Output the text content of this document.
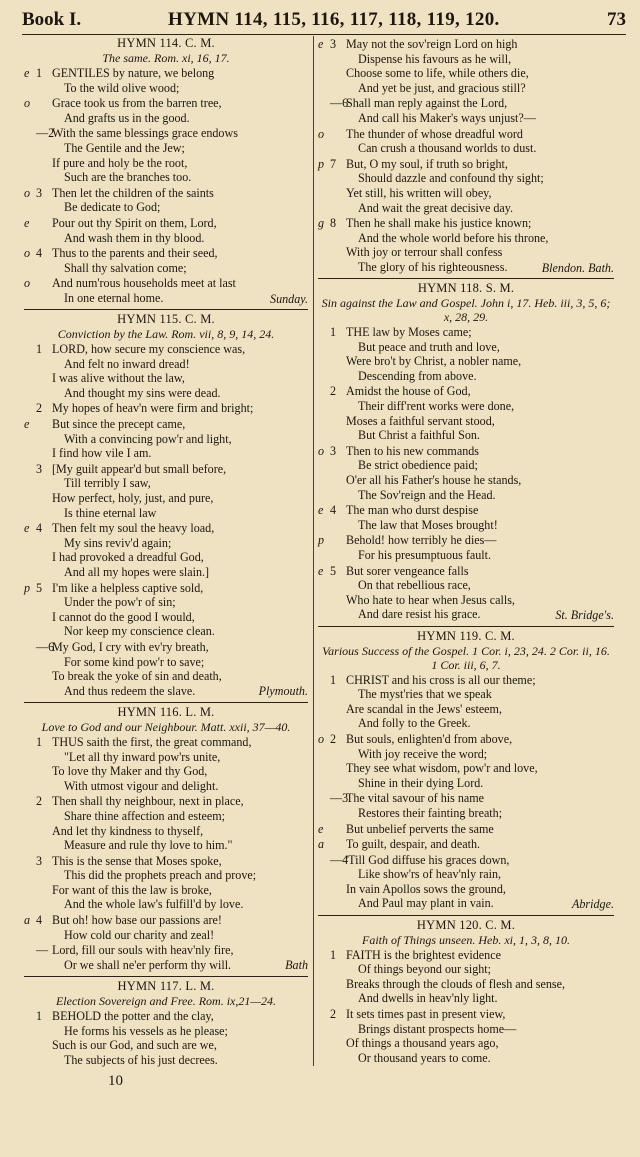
Book I.	HYMN 114, 115, 116, 117, 118, 119, 120.	73
HYMN 114. C. M.
The same. Rom. xi, 16, 17.
e 1 GENTILES by nature, we belong
To the wild olive wood;
o	Grace took us from the barren tree,
And grafts us in the good.
—2
With the same blessings grace endows
The Gentile and the Jew;
If pure and holy be the root,
Such are the branches too.
o 3 Then let the children of the saints
Be dedicate to God;
e	Pour out thy Spirit on them, Lord,
And wash them in thy blood.
o 4 Thus to the parents and their seed,
Shall thy salvation come;
o	And num'rous households meet at last
In one eternal home.	Sunday.
HYMN 115. C. M.
Conviction by the Law. Rom. vii, 8, 9, 14, 24.
1 LORD, how secure my conscience was,
And felt no inward dread!
I was alive without the law,
And thought my sins were dead.
2 My hopes of heav'n were firm and bright;
e	But since the precept came,
With a convincing pow'r and light,
I find how vile I am.
3 [My guilt appear'd but small before,
Till terribly I saw,
How perfect, holy, just, and pure,
Is thine eternal law
e 4 Then felt my soul the heavy load,
My sins reviv'd again;
I had provoked a dreadful God,
And all my hopes were slain.]
p 5 I'm like a helpless captive sold,
Under the pow'r of sin;
I cannot do the good I would,
Nor keep my conscience clean.
—6
My God, I cry with ev'ry breath,
For some kind pow'r to save;
To break the yoke of sin and death,
And thus redeem the slave.	Plymouth.
HYMN 116. L. M.
Love to God and our Neighbour. Matt. xxii, 37—40.
1 THUS saith the first, the great command,
"Let all thy inward pow'rs unite,
To love thy Maker and thy God,
With utmost vigour and delight.
2 Then shall thy neighbour, next in place,
Share thine affection and esteem;
And let thy kindness to thyself,
Measure and rule thy love to him."
3 This is the sense that Moses spoke,
This did the prophets preach and prove;
For want of this the law is broke,
And the whole law's fulfill'd by love.
a 4 But oh! how base our passions are!
How cold our charity and zeal!
— Lord, fill our souls with heav'nly fire,
Or we shall ne'er perform thy will.	Bath
HYMN 117. L. M.
Election Sovereign and Free. Rom. ix,21—24.
1 BEHOLD the potter and the clay,
He forms his vessels as he please;
Such is our God, and such are we,
The subjects of his just decrees.
e 3 May not the sov'reign Lord on high
Dispense his favours as he will,
Choose some to life, while others die,
And yet be just, and gracious still?
—6
Shall man reply against the Lord,
And call his Maker's ways unjust?—
o	The thunder of whose dreadful word
Can crush a thousand worlds to dust.
p 7 But, O my soul, if truth so bright,
Should dazzle and confound thy sight;
Yet still, his written will obey,
And wait the great decisive day.
g 8 Then he shall make his justice known;
And the whole world before his throne,
With joy or terrour shall confess
The glory of his righteousness.	Blendon. Bath.
HYMN 118. S. M.
Sin against the Law and Gospel. John i, 17. Heb. iii, 3, 5, 6; x, 28, 29.
1 THE law by Moses came;
But peace and truth and love,
Were bro't by Christ, a nobler name,
Descending from above.
2 Amidst the house of God,
Their diff'rent works were done,
Moses a faithful servant stood,
But Christ a faithful Son.
o 3 Then to his new commands
Be strict obedience paid;
O'er all his Father's house he stands,
The Sov'reign and the Head.
e 4 The man who durst despise
The law that Moses brought!
p	Behold! how terribly he dies—
For his presumptuous fault.
e 5 But sorer vengeance falls
On that rebellious race,
Who hate to hear when Jesus calls,
And dare resist his grace.	St. Bridge's.
HYMN 119. C. M.
Various Success of the Gospel. 1 Cor. i, 23, 24. 2 Cor. ii, 16. 1 Cor. iii, 6, 7.
1 CHRIST and his cross is all our theme;
The myst'ries that we speak
Are scandal in the Jews' esteem,
And folly to the Greek.
o 2 But souls, enlighten'd from above,
With joy receive the word;
They see what wisdom, pow'r and love,
Shine in their dying Lord.
—3
The vital savour of his name
Restores their fainting breath;
e	But unbelief perverts the same
a	To guilt, despair, and death.
—4
'Till God diffuse his graces down,
Like show'rs of heav'nly rain,
In vain Apollos sows the ground,
And Paul may plant in vain.	Abridge.
HYMN 120. C. M.
Faith of Things unseen. Heb. xi, 1, 3, 8, 10.
1 FAITH is the brightest evidence
Of things beyond our sight;
Breaks through the clouds of flesh and sense,
And dwells in heav'nly light.
2 It sets times past in present view,
Brings distant prospects home—
Of things a thousand years ago,
Or thousand years to come.
10
